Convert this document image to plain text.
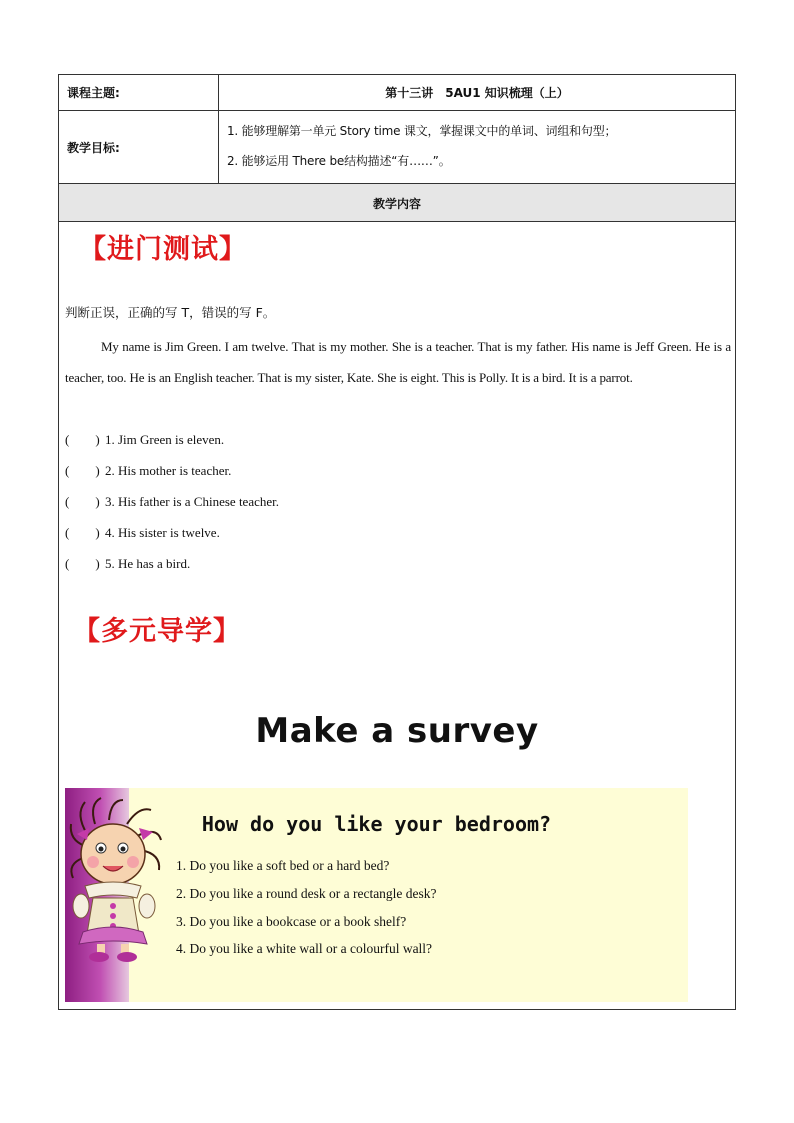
课程主题:	第十三讲　5AU1 知识梳理（上）
教学目标:
1. 能够理解第一单元 Story time 课文，掌握课文中的单词、词组和句型；
2. 能够运用 There be结构描述“有……”。
教学内容
【进门测试】
判断正误，正确的写 T，错误的写 F。

My name is Jim Green. I am twelve. That is my mother. She is a teacher. That is my father. His name is Jeff Green. He is a teacher, too. He is an English teacher. That is my sister, Kate. She is eight. This is Polly. It is a bird. It is a parrot.

(　　) 1. Jim Green is eleven.
(　　) 2. His mother is teacher.
(　　) 3. His father is a Chinese teacher.
(　　) 4. His sister is twelve.
(　　) 5. He has a bird.
【多元导学】
Make a survey
How do you like your bedroom?
1. Do you like a soft bed or a hard bed?
2. Do you like a round desk or a rectangle desk?
3. Do you like a bookcase or a book shelf?
4. Do you like a white wall or a colourful wall?
